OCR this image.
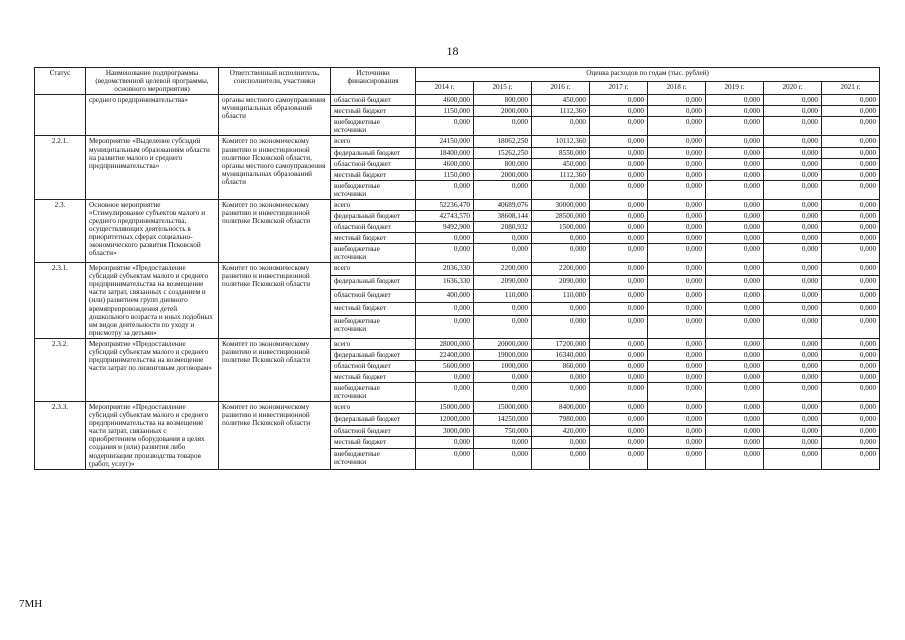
18
Статус	Наименование подпрограммы (ведомственной целевой программы, основного мероприятия)	Ответственный исполнитель, соисполнители, участники	Источники финансирования	Оценка расходов по годам (тыс. рублей)							
				2014 г.	2015 г.	2016 г.	2017 г.	2018 г.	2019 г.	2020 г.	2021 г.
	среднего предпринимательства»	органы местного самоуправления муниципальных образований области	областной бюджет	4600,000	800,000	450,000	0,000	0,000	0,000	0,000	0,000
			местный бюджет	1150,000	2000,000	1112,360	0,000	0,000	0,000	0,000	0,000
			внебюджетные источники	0,000	0,000	0,000	0,000	0,000	0,000	0,000	0,000
2.2.1.	Мероприятие «Выделение субсидий муниципальным образованиям области на развитие малого и среднего предпринимательства»	Комитет по экономическому развитию и инвестиционной политике Псковской области, органы местного самоуправления муниципальных образований области	всего	24150,000	18062,250	10112,360	0,000	0,000	0,000	0,000	0,000
			федеральный бюджет	18400,000	15262,250	8550,000	0,000	0,000	0,000	0,000	0,000
			областной бюджет	4600,000	800,000	450,000	0,000	0,000	0,000	0,000	0,000
			местный бюджет	1150,000	2000,000	1112,360	0,000	0,000	0,000	0,000	0,000
			внебюджетные источники	0,000	0,000	0,000	0,000	0,000	0,000	0,000	0,000
2.3.	Основное мероприятие «Стимулирование субъектов малого и среднего предпринимательства, осуществляющих деятельность в приоритетных сферах социально-экономического развития Псковской области»	Комитет по экономическому развитию и инвестиционной политике Псковской области	всего	52236,470	40689,076	30000,000	0,000	0,000	0,000	0,000	0,000
			федеральный бюджет	42743,570	38608,144	28500,000	0,000	0,000	0,000	0,000	0,000
			областной бюджет	9492,900	2080,932	1500,000	0,000	0,000	0,000	0,000	0,000
			местный бюджет	0,000	0,000	0,000	0,000	0,000	0,000	0,000	0,000
			внебюджетные источники	0,000	0,000	0,000	0,000	0,000	0,000	0,000	0,000
2.3.1.	Мероприятие «Предоставление субсидий субъектам малого и среднего предпринимательства на возмещение части затрат, связанных с созданием и (или) развитием групп дневного времяпрепровождения детей дошкольного возраста и иных подобных им видов деятельности по уходу и присмотру за детьми»	Комитет по экономическому развитию и инвестиционной политике Псковской области	всего	2036,330	2200,000	2200,000	0,000	0,000	0,000	0,000	0,000
			федеральный бюджет	1636,330	2090,000	2090,000	0,000	0,000	0,000	0,000	0,000
			областной бюджет	400,000	110,000	110,000	0,000	0,000	0,000	0,000	0,000
			местный бюджет	0,000	0,000	0,000	0,000	0,000	0,000	0,000	0,000
			внебюджетные источники	0,000	0,000	0,000	0,000	0,000	0,000	0,000	0,000
2.3.2.	Мероприятие «Предоставление субсидий субъектам малого и среднего предпринимательства на возмещение части затрат по лизинговым договорам»	Комитет по экономическому развитию и инвестиционной политике Псковской области	всего	28000,000	20000,000	17200,000	0,000	0,000	0,000	0,000	0,000
			федеральный бюджет	22400,000	19000,000	16340,000	0,000	0,000	0,000	0,000	0,000
			областной бюджет	5600,000	1000,000	860,000	0,000	0,000	0,000	0,000	0,000
			местный бюджет	0,000	0,000	0,000	0,000	0,000	0,000	0,000	0,000
			внебюджетные источники	0,000	0,000	0,000	0,000	0,000	0,000	0,000	0,000
2.3.3.	Мероприятие «Предоставление субсидий субъектам малого и среднего предпринимательства на возмещение части затрат, связанных с приобретением оборудования в целях создания и (или) развития либо модернизации производства товаров (работ, услуг)»	Комитет по экономическому развитию и инвестиционной политике Псковской области	всего	15000,000	15000,000	8400,000	0,000	0,000	0,000	0,000	0,000
			федеральный бюджет	12000,000	14250,000	7980,000	0,000	0,000	0,000	0,000	0,000
			областной бюджет	3000,000	750,000	420,000	0,000	0,000	0,000	0,000	0,000
			местный бюджет	0,000	0,000	0,000	0,000	0,000	0,000	0,000	0,000
			внебюджетные источники	0,000	0,000	0,000	0,000	0,000	0,000	0,000	0,000
7МН
